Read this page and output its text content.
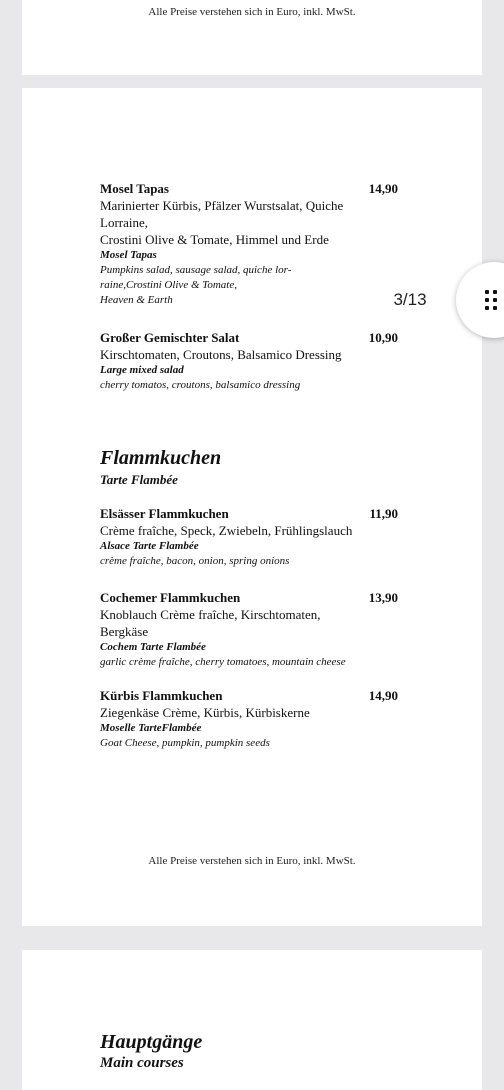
Alle Preise verstehen sich in Euro, inkl. MwSt.
Mosel Tapas	14,90
Marinierter Kürbis, Pfälzer Wurstsalat, Quiche
Lorraine,
Crostini Olive & Tomate, Himmel und Erde
Mosel Tapas
Pumpkins salad, sausage salad, quiche lor-
raine,Crostini Olive & Tomate,
Heaven & Earth
Großer Gemischter Salat	10,90
Kirschtomaten, Croutons, Balsamico Dressing
Large mixed salad
cherry tomatos, croutons, balsamico dressing
Flammkuchen
Tarte Flambée
Elsässer Flammkuchen	11,90
Crème fraîche, Speck, Zwiebeln, Frühlingslauch
Alsace Tarte Flambée
crème fraîche, bacon, onion, spring onions
Cochemer Flammkuchen	13,90
Knoblauch Crème fraîche, Kirschtomaten,
Bergkäse
Cochem Tarte Flambée
garlic crème fraîche, cherry tomatoes, mountain cheese
Kürbis Flammkuchen	14,90
Ziegenkäse Crème, Kürbis, Kürbiskerne
Moselle TarteFlambée
Goat Cheese, pumpkin, pumpkin seeds
Alle Preise verstehen sich in Euro, inkl. MwSt.
Hauptgänge
Main courses
3/13
